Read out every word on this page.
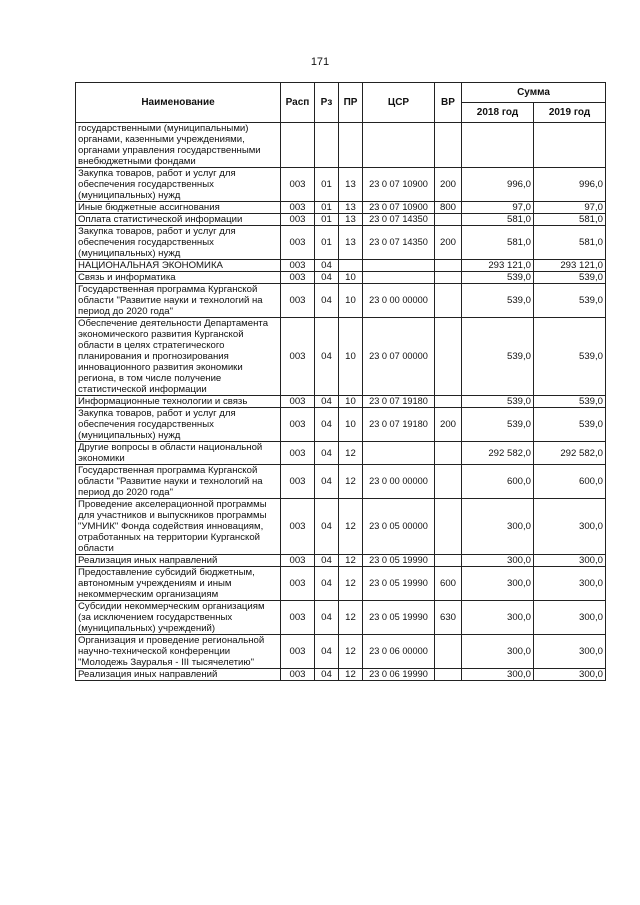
171
Наименование	Расп	Рз	ПР	ЦСР	ВР	Сумма	
						2018 год	2019 год
государственными (муниципальными) органами, казенными учреждениями, органами управления государственными внебюджетными фондами							
Закупка товаров, работ и услуг для обеспечения государственных (муниципальных) нужд	003	01	13	23 0 07 10900	200	996,0	996,0
Иные бюджетные ассигнования	003	01	13	23 0 07 10900	800	97,0	97,0
Оплата статистической информации	003	01	13	23 0 07 14350		581,0	581,0
Закупка товаров, работ и услуг для обеспечения государственных (муниципальных) нужд	003	01	13	23 0 07 14350	200	581,0	581,0
НАЦИОНАЛЬНАЯ ЭКОНОМИКА	003	04				293 121,0	293 121,0
Связь и информатика	003	04	10			539,0	539,0
Государственная программа Курганской области "Развитие науки и технологий на период до 2020 года"	003	04	10	23 0 00 00000		539,0	539,0
Обеспечение деятельности Департамента экономического развития Курганской области в целях стратегического планирования и прогнозирования инновационного развития экономики региона, в том числе получение статистической информации	003	04	10	23 0 07 00000		539,0	539,0
Информационные технологии и связь	003	04	10	23 0 07 19180		539,0	539,0
Закупка товаров, работ и услуг для обеспечения государственных (муниципальных) нужд	003	04	10	23 0 07 19180	200	539,0	539,0
Другие вопросы в области национальной экономики	003	04	12			292 582,0	292 582,0
Государственная программа Курганской области "Развитие науки и технологий на период до 2020 года"	003	04	12	23 0 00 00000		600,0	600,0
Проведение акселерационной программы для участников и выпускников программы "УМНИК" Фонда содействия инновациям, отработанных на территории Курганской области	003	04	12	23 0 05 00000		300,0	300,0
Реализация иных направлений	003	04	12	23 0 05 19990		300,0	300,0
Предоставление субсидий бюджетным, автономным учреждениям и иным некоммерческим организациям	003	04	12	23 0 05 19990	600	300,0	300,0
Субсидии некоммерческим организациям (за исключением государственных (муниципальных) учреждений)	003	04	12	23 0 05 19990	630	300,0	300,0
Организация и проведение региональной научно-технической конференции "Молодежь Зауралья - III тысячелетию"	003	04	12	23 0 06 00000		300,0	300,0
Реализация иных направлений	003	04	12	23 0 06 19990		300,0	300,0
